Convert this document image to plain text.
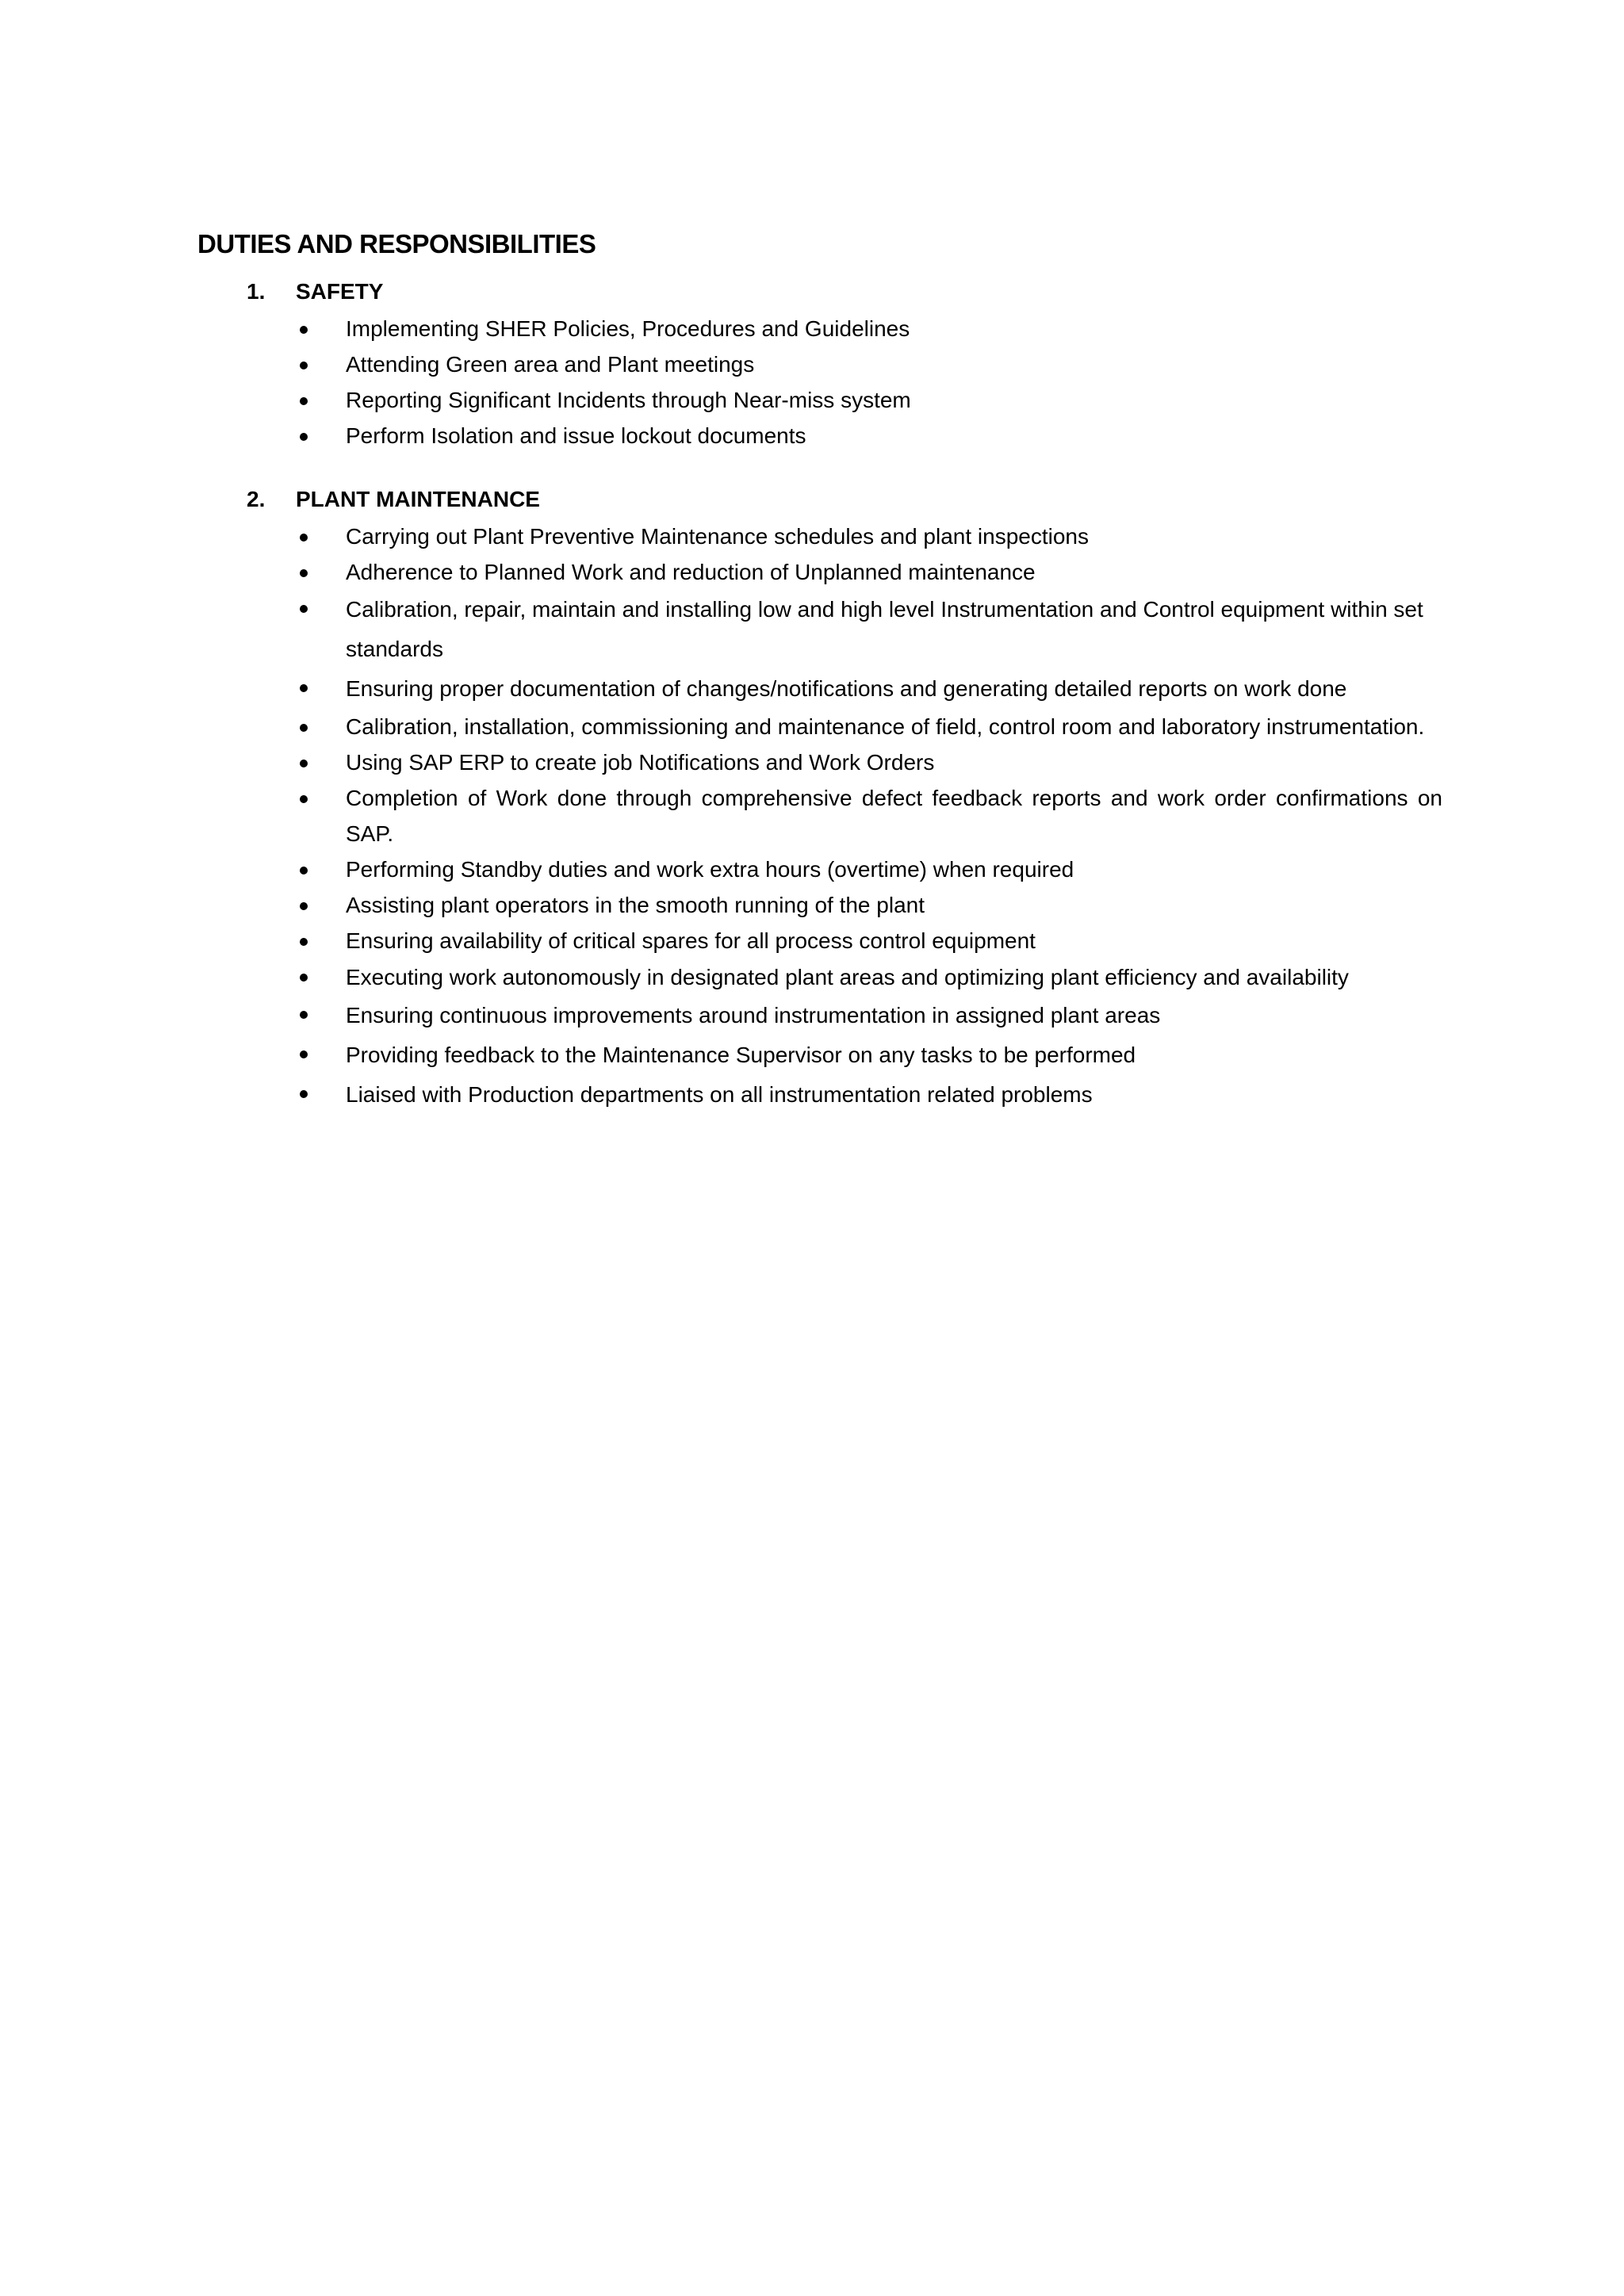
DUTIES AND RESPONSIBILITIES
1. SAFETY
Implementing SHER Policies, Procedures and Guidelines
Attending Green area and Plant meetings
Reporting Significant Incidents through Near-miss system
Perform Isolation and issue lockout documents
2. PLANT MAINTENANCE
Carrying out Plant Preventive Maintenance schedules and plant inspections
Adherence to Planned Work and reduction of Unplanned maintenance
Calibration, repair, maintain and installing low and high level Instrumentation and Control equipment within set standards
Ensuring proper documentation of changes/notifications and generating detailed reports on work done
Calibration, installation, commissioning and maintenance of field, control room and laboratory instrumentation.
Using SAP ERP to create job Notifications and Work Orders
Completion of Work done through comprehensive defect feedback reports and work order confirmations on SAP.
Performing Standby duties and work extra hours (overtime) when required
Assisting plant operators in the smooth running of the plant
Ensuring availability of critical spares for all process control equipment
Executing work autonomously in designated plant areas and optimizing plant efficiency and availability
Ensuring continuous improvements around instrumentation in assigned plant areas
Providing feedback to the Maintenance Supervisor on any tasks to be performed
Liaised with Production departments on all instrumentation related problems
